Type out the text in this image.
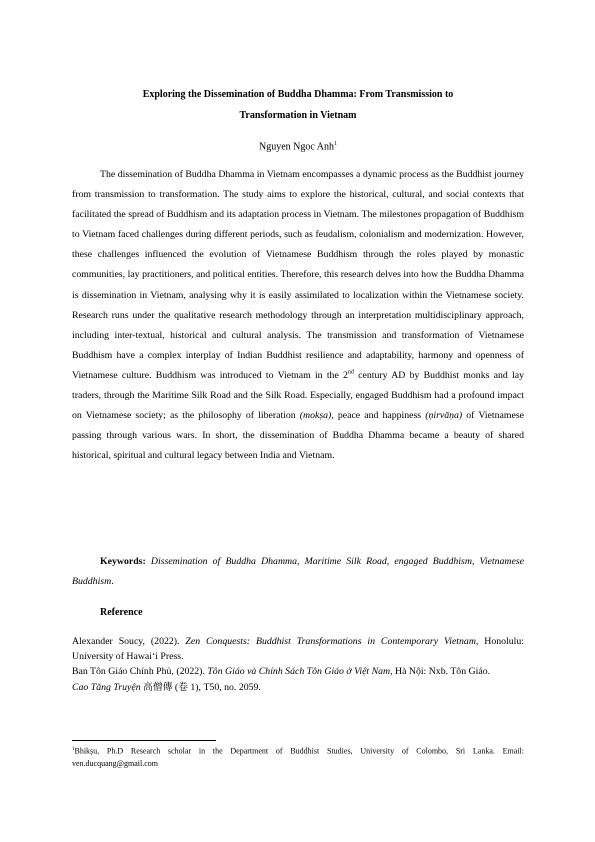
Exploring the Dissemination of Buddha Dhamma: From Transmission to
Transformation in Vietnam
Nguyen Ngoc Anh$^1$
The dissemination of Buddha Dhamma in Vietnam encompasses a dynamic process as the Buddhist journey from transmission to transformation. The study aims to explore the historical, cultural, and social contexts that facilitated the spread of Buddhism and its adaptation process in Vietnam. The milestones propagation of Buddhism to Vietnam faced challenges during different periods, such as feudalism, colonialism and modernization. However, these challenges influenced the evolution of Vietnamese Buddhism through the roles played by monastic communities, lay practitioners, and political entities. Therefore, this research delves into how the Buddha Dhamma is dissemination in Vietnam, analysing why it is easily assimilated to localization within the Vietnamese society. Research runs under the qualitative research methodology through an interpretation multidisciplinary approach, including inter-textual, historical and cultural analysis. The transmission and transformation of Vietnamese Buddhism have a complex interplay of Indian Buddhist resilience and adaptability, harmony and openness of Vietnamese culture. Buddhism was introduced to Vietnam in the 2nd century AD by Buddhist monks and lay traders, through the Maritime Silk Road and the Silk Road. Especially, engaged Buddhism had a profound impact on Vietnamese society; as the philosophy of liberation (mokṣa), peace and happiness (ṇirvāṇa) of Vietnamese passing through various wars. In short, the dissemination of Buddha Dhamma became a beauty of shared historical, spiritual and cultural legacy between India and Vietnam.
Keywords: Dissemination of Buddha Dhamma, Maritime Silk Road, engaged Buddhism, Vietnamese Buddhism.
Reference

Alexander Soucy, (2022). Zen Conquests: Buddhist Transformations in Contemporary Vietnam, Honolulu: University of Hawai‘i Press.

Ban Tôn Giáo Chính Phủ, (2022). Tôn Giáo và Chính Sách Tôn Giáo ở Việt Nam, Hà Nội: Nxb. Tôn Giáo.

Cao Tăng Truyện 高僧傳 (卷 1), T50, no. 2059.

$^1$Bhikṣu, Ph.D Research scholar in the Department of Buddhist Studies, University of Colombo, Sri Lanka. Email: ven.ducquang@gmail.com
